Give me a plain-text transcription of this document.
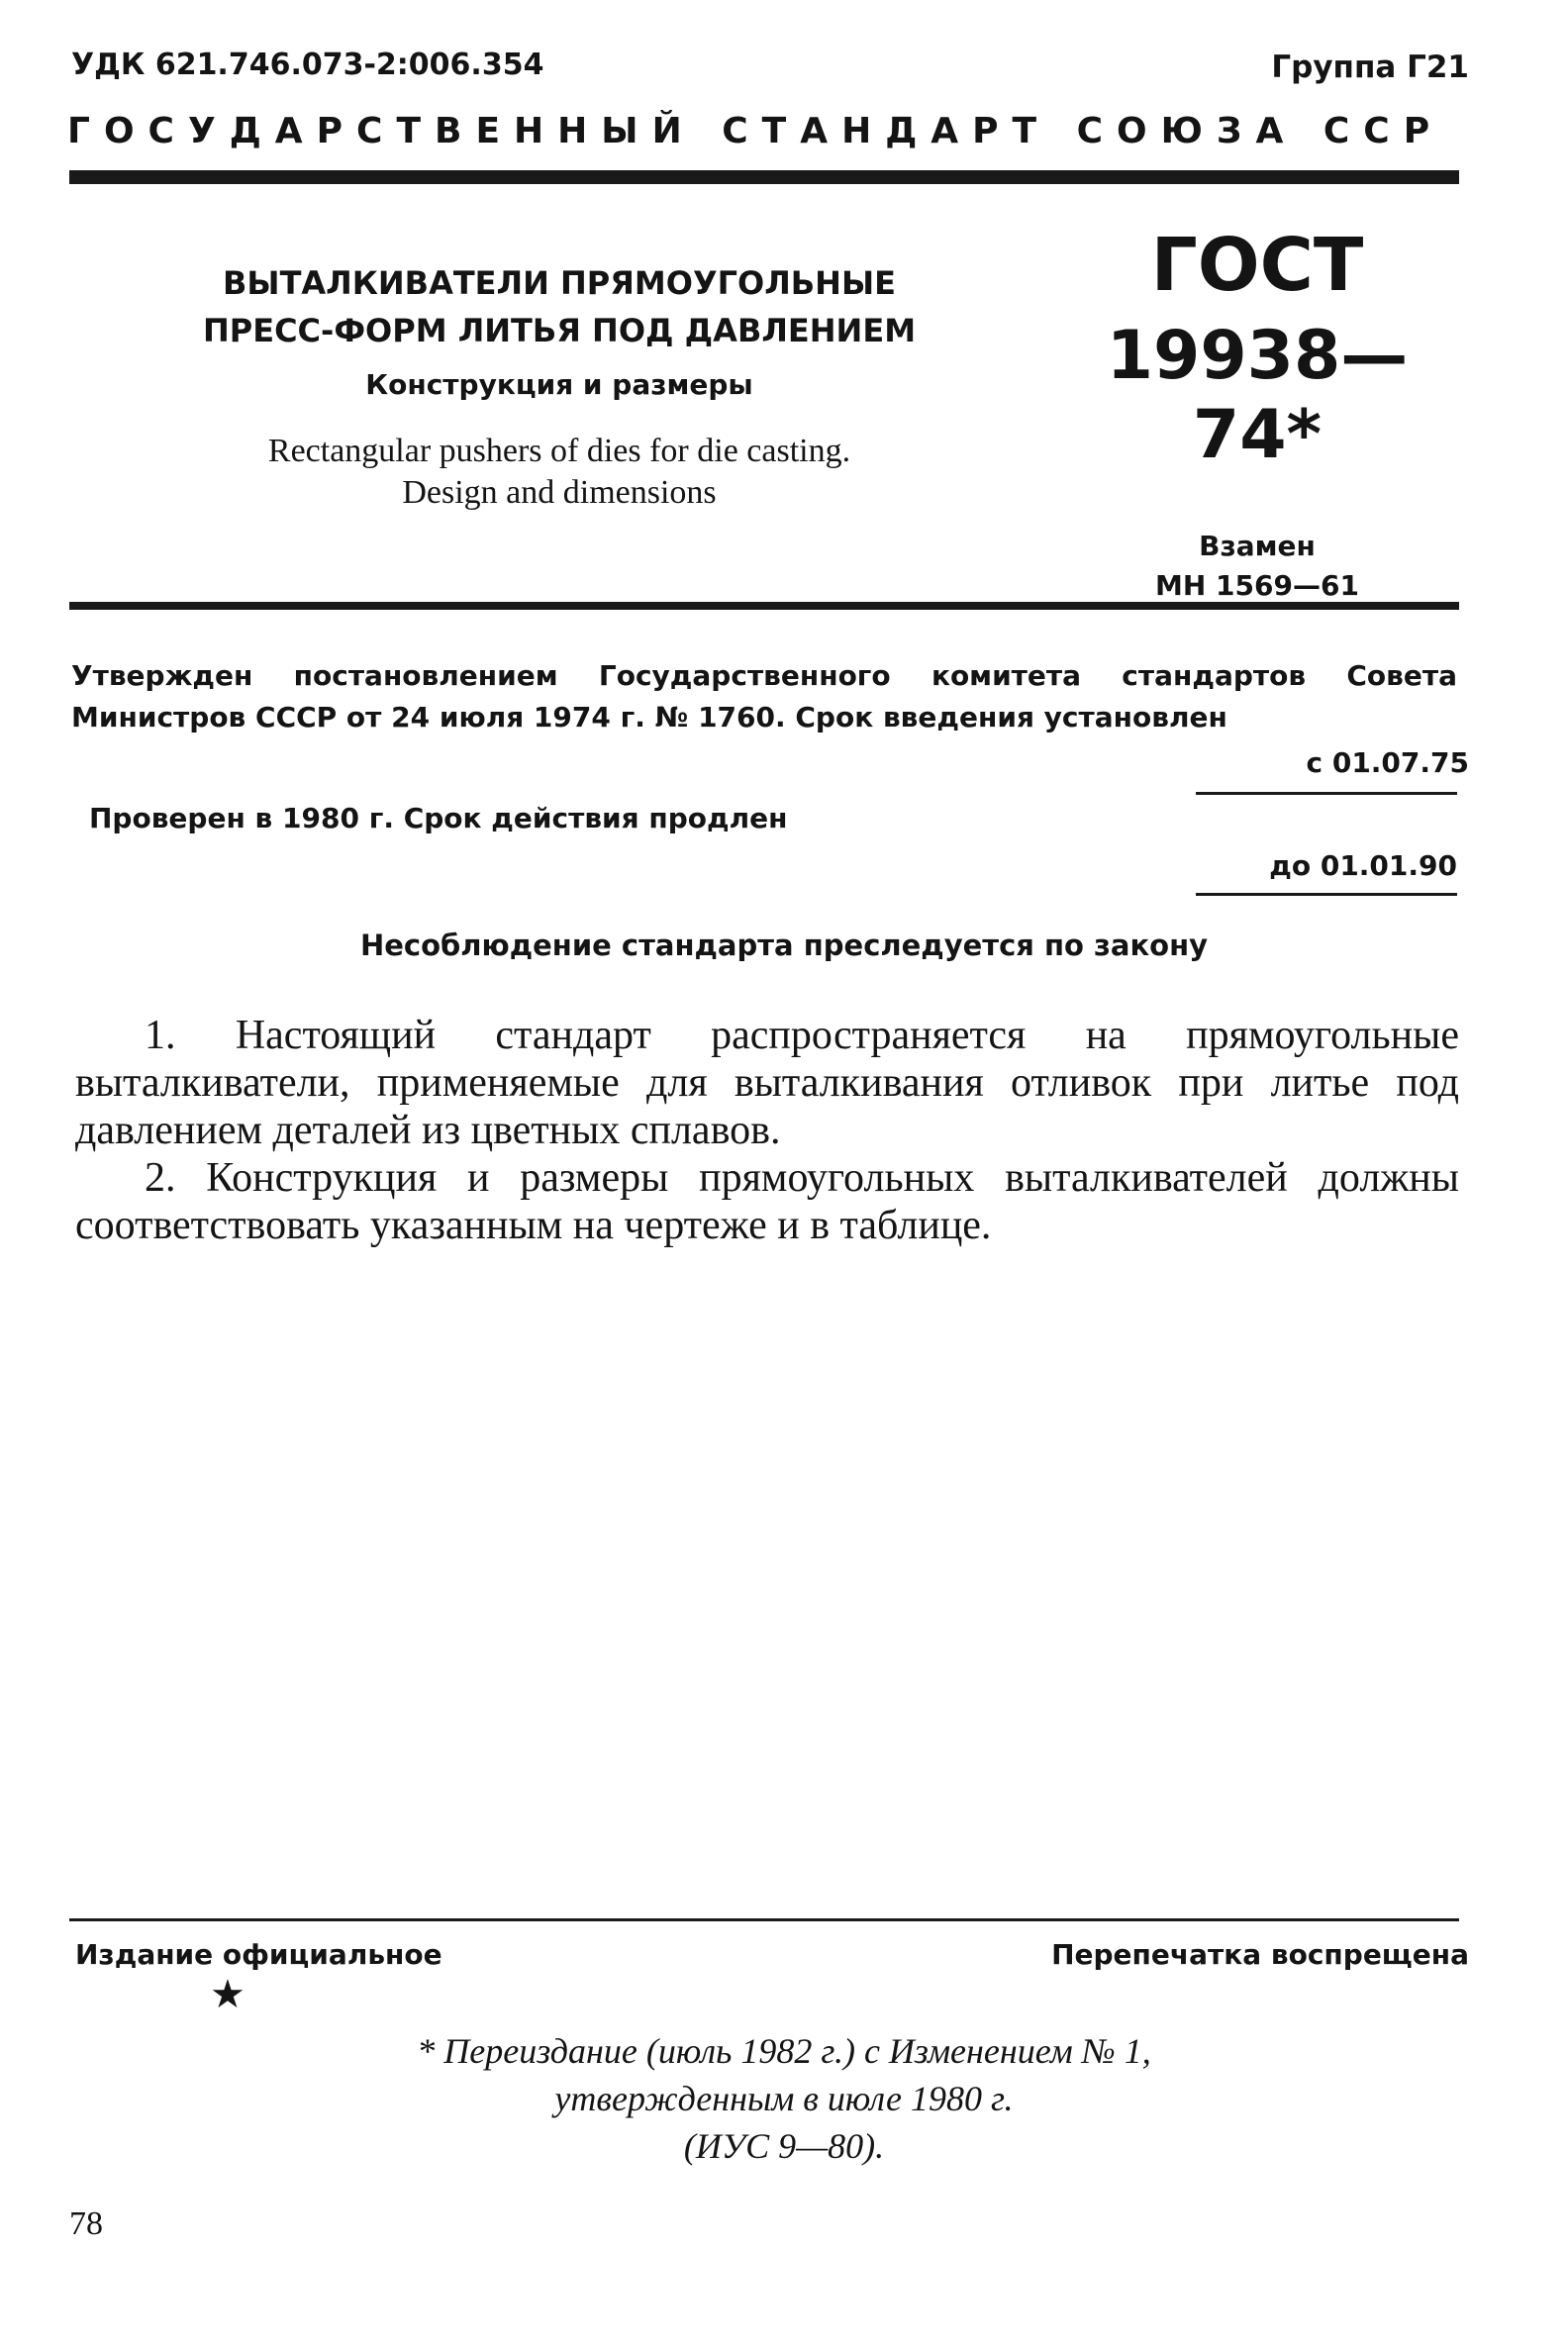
УДК 621.746.073-2:006.354	Группа Г21
ГОСУДАРСТВЕННЫЙ СТАНДАРТ СОЮЗА ССР
ВЫТАЛКИВАТЕЛИ ПРЯМОУГОЛЬНЫЕ
ПРЕСС-ФОРМ ЛИТЬЯ ПОД ДАВЛЕНИЕМ
Конструкция и размеры
Rectangular pushers of dies for die casting.
Design and dimensions
ГОСТ
19938—74*
Взамен
МН 1569—61
Утвержден постановлением Государственного комитета стандартов Совета Министров СССР от 24 июля 1974 г. № 1760. Срок введения установлен
с 01.07.75
Проверен в 1980 г. Срок действия продлен
до 01.01.90
Несоблюдение стандарта преследуется по закону

1. Настоящий стандарт распространяется на прямоугольные выталкиватели, применяемые для выталкивания отливок при литье под давлением деталей из цветных сплавов.

2. Конструкция и размеры прямоугольных выталкивателей должны соответствовать указанным на чертеже и в таблице.

Издание официальное	Перепечатка воспрещена
★
* Переиздание (июль 1982 г.) с Изменением № 1,
утвержденным в июле 1980 г.
(ИУС 9—80).
78
